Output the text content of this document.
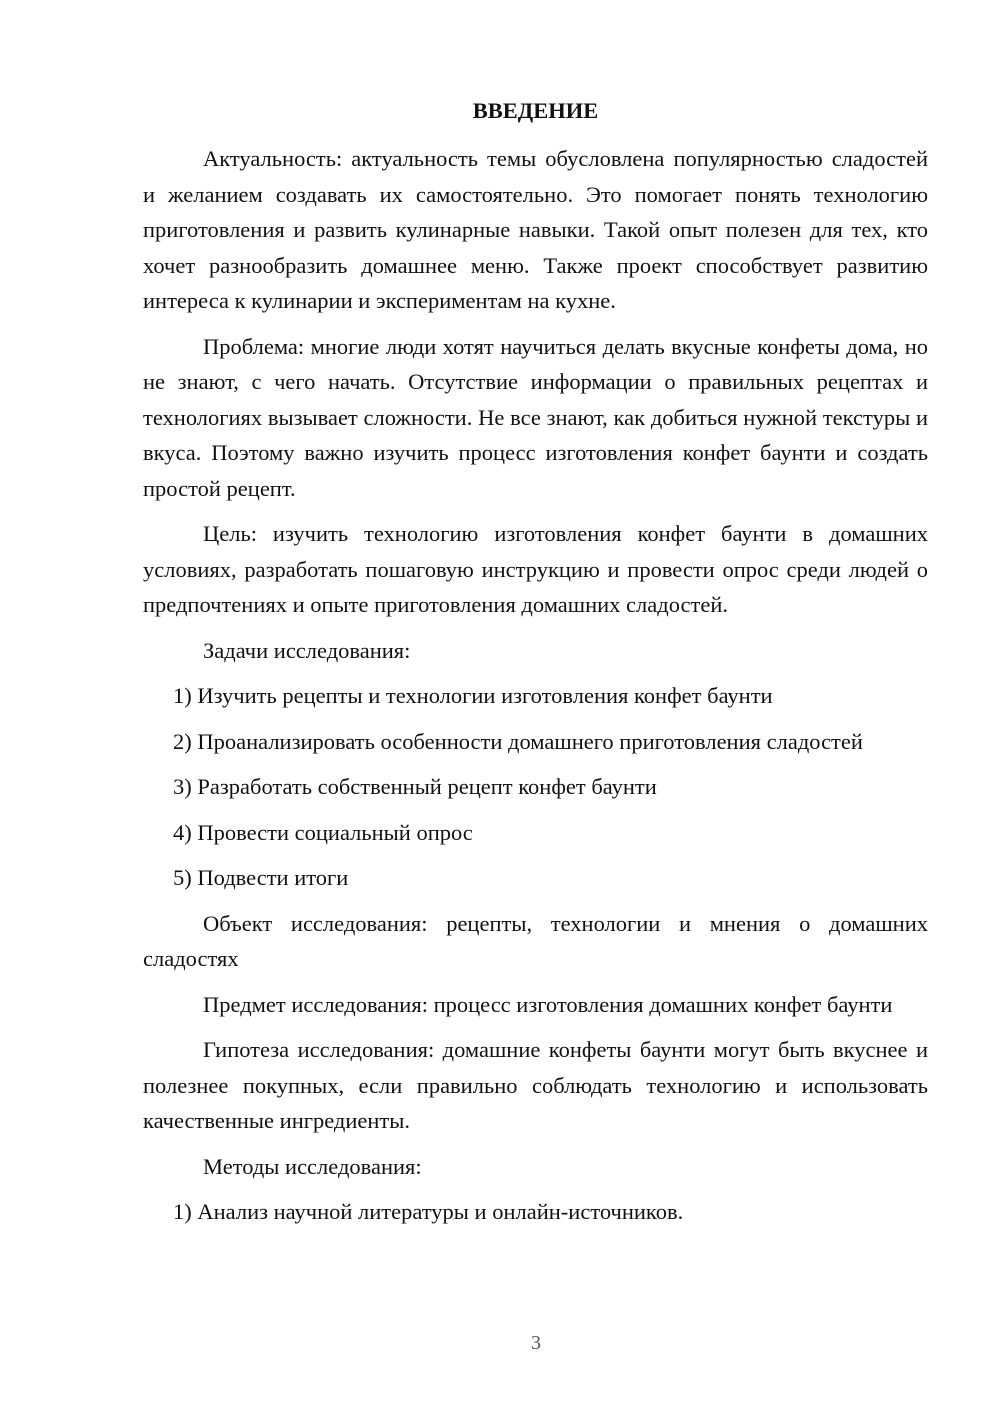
ВВЕДЕНИЕ
Актуальность: актуальность темы обусловлена популярностью сладостей и желанием создавать их самостоятельно. Это помогает понять технологию приготовления и развить кулинарные навыки. Такой опыт полезен для тех, кто хочет разнообразить домашнее меню. Также проект способствует развитию интереса к кулинарии и экспериментам на кухне.
Проблема: многие люди хотят научиться делать вкусные конфеты дома, но не знают, с чего начать. Отсутствие информации о правильных рецептах и технологиях вызывает сложности. Не все знают, как добиться нужной текстуры и вкуса. Поэтому важно изучить процесс изготовления конфет баунти и создать простой рецепт.
Цель: изучить технологию изготовления конфет баунти в домашних условиях, разработать пошаговую инструкцию и провести опрос среди людей о предпочтениях и опыте приготовления домашних сладостей.
Задачи исследования:
1) Изучить рецепты и технологии изготовления конфет баунти
2) Проанализировать особенности домашнего приготовления сладостей
3) Разработать собственный рецепт конфет баунти
4) Провести социальный опрос
5) Подвести итоги
Объект исследования: рецепты, технологии и мнения о домашних сладостях
Предмет исследования: процесс изготовления домашних конфет баунти
Гипотеза исследования: домашние конфеты баунти могут быть вкуснее и полезнее покупных, если правильно соблюдать технологию и использовать качественные ингредиенты.
Методы исследования:
1) Анализ научной литературы и онлайн-источников.
3
